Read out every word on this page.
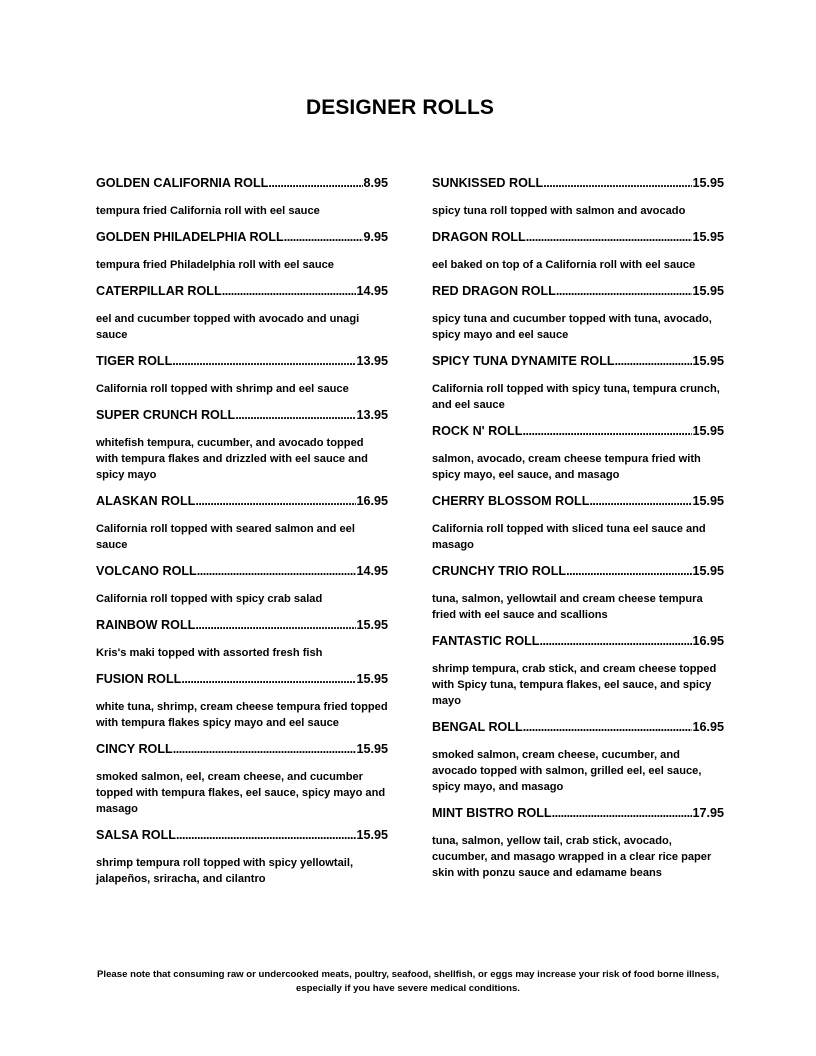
DESIGNER ROLLS
GOLDEN CALIFORNIA ROLL .....	8.95
tempura fried California roll with eel sauce
GOLDEN PHILADELPHIA ROLL .....	9.95
tempura fried Philadelphia roll with eel sauce
CATERPILLAR ROLL .....	14.95
eel and cucumber topped with avocado and unagi sauce
TIGER ROLL .....	13.95
California roll topped with shrimp and eel sauce
SUPER CRUNCH ROLL .....	13.95
whitefish tempura, cucumber, and avocado topped with tempura flakes and drizzled with eel sauce and spicy mayo
ALASKAN ROLL .....	16.95
California roll topped with seared salmon and eel sauce
VOLCANO ROLL .....	14.95
California roll topped with spicy crab salad
RAINBOW ROLL .....	15.95
Kris's maki topped with assorted fresh fish
FUSION ROLL .....	15.95
white tuna, shrimp, cream cheese tempura fried topped with tempura flakes spicy mayo and eel sauce
CINCY ROLL .....	15.95
smoked salmon, eel, cream cheese, and cucumber topped with tempura flakes, eel sauce, spicy mayo and masago
SALSA ROLL .....	15.95
shrimp tempura roll topped with spicy yellowtail, jalapeños, sriracha, and cilantro
SUNKISSED ROLL .....	15.95
spicy tuna roll topped with salmon and avocado
DRAGON ROLL .....	15.95
eel baked on top of a California roll with eel sauce
RED DRAGON ROLL .....	15.95
spicy tuna and cucumber topped with tuna, avocado, spicy mayo and eel sauce
SPICY TUNA DYNAMITE ROLL .....	15.95
California roll topped with spicy tuna, tempura crunch, and eel sauce
ROCK N' ROLL .....	15.95
salmon, avocado, cream cheese tempura fried with spicy mayo, eel sauce, and masago
CHERRY BLOSSOM ROLL .....	15.95
California roll topped with sliced tuna eel sauce and masago
CRUNCHY TRIO ROLL .....	15.95
tuna, salmon, yellowtail and cream cheese tempura fried with eel sauce and scallions
FANTASTIC ROLL .....	16.95
shrimp tempura, crab stick, and cream cheese topped with Spicy tuna, tempura flakes, eel sauce, and spicy mayo
BENGAL ROLL .....	16.95
smoked salmon, cream cheese, cucumber, and avocado topped with salmon, grilled eel, eel sauce, spicy mayo, and masago
MINT BISTRO ROLL .....	17.95
tuna, salmon, yellow tail, crab stick, avocado, cucumber, and masago wrapped in a clear rice paper skin with ponzu sauce and edamame beans
Please note that consuming raw or undercooked meats, poultry, seafood, shellfish, or eggs may increase your risk of food borne illness, especially if you have severe medical conditions.
